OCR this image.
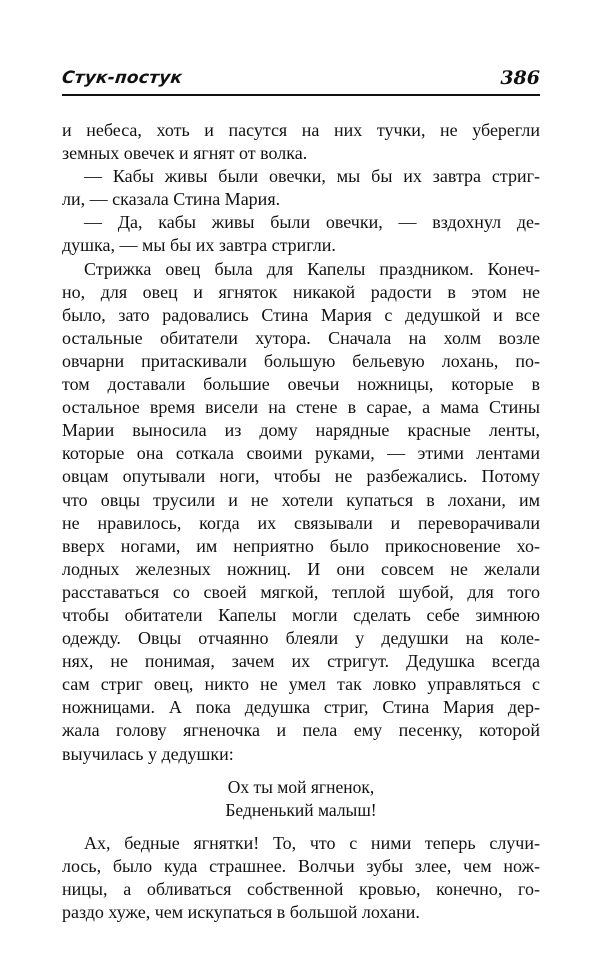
Стук-постук	386
и небеса, хоть и пасутся на них тучки, не уберегли
земных овечек и ягнят от волка.
— Кабы живы были овечки, мы бы их завтра стриг-
ли, — сказала Стина Мария.
— Да, кабы живы были овечки, — вздохнул де-
душка, — мы бы их завтра стригли.
Стрижка овец была для Капелы праздником. Конеч-
но, для овец и ягняток никакой радости в этом не
было, зато радовались Стина Мария с дедушкой и все
остальные обитатели хутора. Сначала на холм возле
овчарни притаскивали большую бельевую лохань, по-
том доставали большие овечьи ножницы, которые в
остальное время висели на стене в сарае, а мама Стины
Марии выносила из дому нарядные красные ленты,
которые она соткала своими руками, — этими лентами
овцам опутывали ноги, чтобы не разбежались. Потому
что овцы трусили и не хотели купаться в лохани, им
не нравилось, когда их связывали и переворачивали
вверх ногами, им неприятно было прикосновение хо-
лодных железных ножниц. И они совсем не желали
расставаться со своей мягкой, теплой шубой, для того
чтобы обитатели Капелы могли сделать себе зимнюю
одежду. Овцы отчаянно блеяли у дедушки на коле-
нях, не понимая, зачем их стригут. Дедушка всегда
сам стриг овец, никто не умел так ловко управляться с
ножницами. А пока дедушка стриг, Стина Мария дер-
жала голову ягненочка и пела ему песенку, которой
выучилась у дедушки:
Ох ты мой ягненок,
Бедненький малыш!
Ах, бедные ягнятки! То, что с ними теперь случи-
лось, было куда страшнее. Волчьи зубы злее, чем нож-
ницы, а обливаться собственной кровью, конечно, го-
раздо хуже, чем искупаться в большой лохани.
